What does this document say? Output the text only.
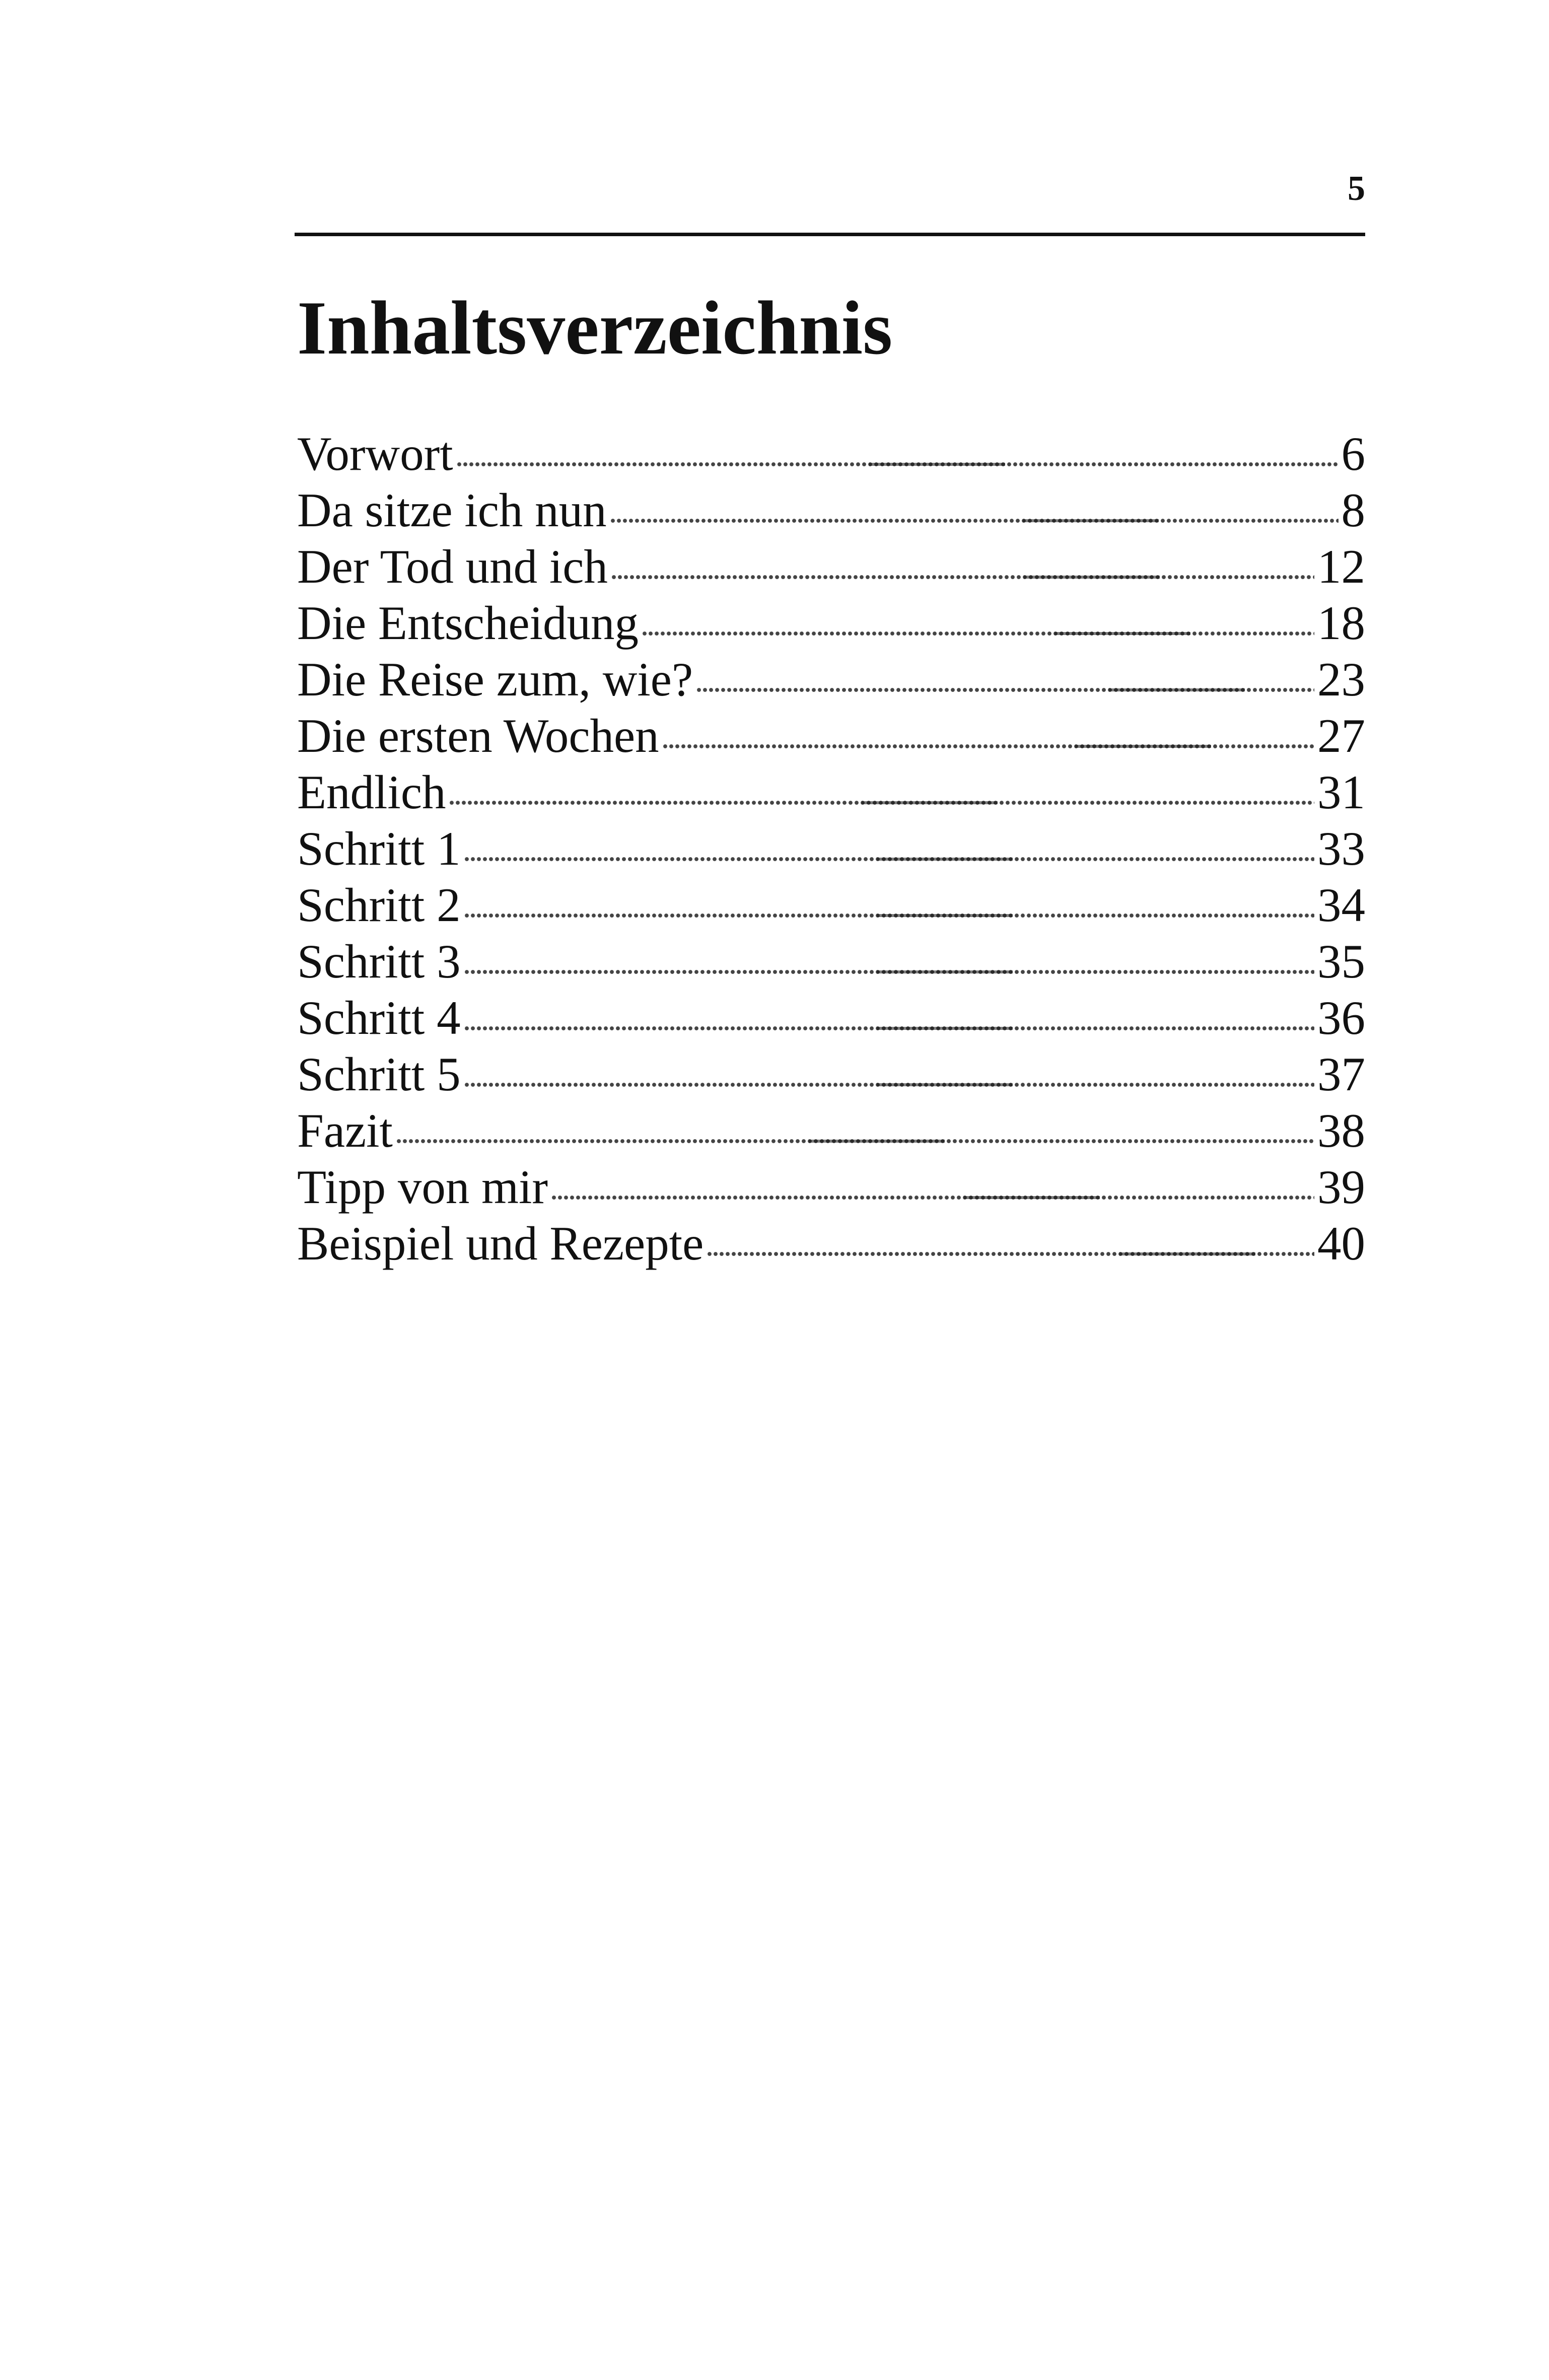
5
Inhaltsverzeichnis
Vorwort	6
Da sitze ich nun	8
Der Tod und ich	12
Die Entscheidung	18
Die Reise zum, wie?	23
Die ersten Wochen	27
Endlich	31
Schritt 1	33
Schritt 2	34
Schritt 3	35
Schritt 4	36
Schritt 5	37
Fazit	38
Tipp von mir	39
Beispiel und Rezepte	40
